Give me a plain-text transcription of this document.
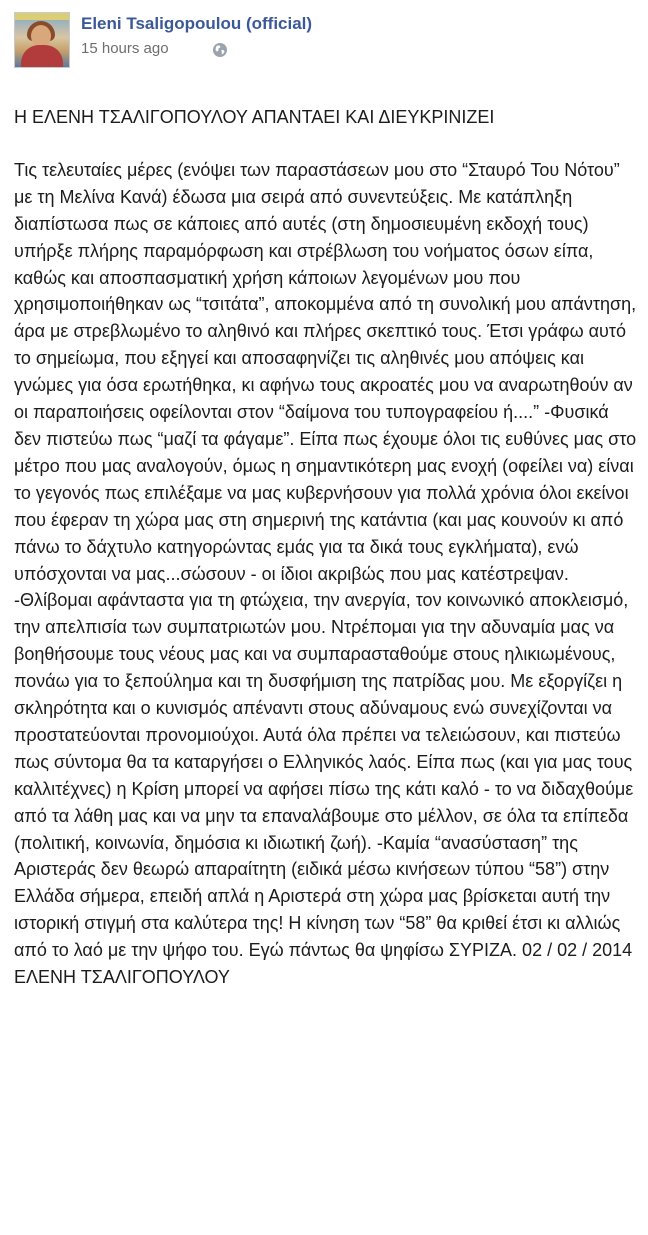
Eleni Tsaligopoulou (official)
15 hours ago

Η ΕΛΕΝΗ ΤΣΑΛΙΓΟΠΟΥΛΟΥ ΑΠΑΝΤΑΕΙ ΚΑΙ ΔΙΕΥΚΡΙΝΙΖΕΙ

Τις τελευταίες μέρες (ενόψει των παραστάσεων μου στο “Σταυρό Του Νότου” με τη Μελίνα Κανά) έδωσα μια σειρά από συνεντεύξεις. Με κατάπληξη διαπίστωσα πως σε κάποιες από αυτές (στη δημοσιευμένη εκδοχή τους) υπήρξε πλήρης παραμόρφωση και στρέβλωση του νοήματος όσων είπα, καθώς και αποσπασματική χρήση κάποιων λεγομένων μου που χρησιμοποιήθηκαν ως “τσιτάτα”, αποκομμένα από τη συνολική μου απάντηση, άρα με στρεβλωμένο το αληθινό και πλήρες σκεπτικό τους. Έτσι γράφω αυτό το σημείωμα, που εξηγεί και αποσαφηνίζει τις αληθινές μου απόψεις και γνώμες για όσα ερωτήθηκα, κι αφήνω τους ακροατές μου να αναρωτηθούν αν οι παραποιήσεις οφείλονται στον “δαίμονα του τυπογραφείου ή....” -Φυσικά δεν πιστεύω πως “μαζί τα φάγαμε”. Είπα πως έχουμε όλοι τις ευθύνες μας στο μέτρο που μας αναλογούν, όμως η σημαντικότερη μας ενοχή (οφείλει να) είναι το γεγονός πως επιλέξαμε να μας κυβερνήσουν για πολλά χρόνια όλοι εκείνοι που έφεραν τη χώρα μας στη σημερινή της κατάντια (και μας κουνούν κι από πάνω το δάχτυλο κατηγορώντας εμάς για τα δικά τους εγκλήματα), ενώ υπόσχονται να μας...σώσουν - οι ίδιοι ακριβώς που μας κατέστρεψαν. -Θλίβομαι αφάνταστα για τη φτώχεια, την ανεργία, τον κοινωνικό αποκλεισμό, την απελπισία των συμπατριωτών μου. Ντρέπομαι για την αδυναμία μας να βοηθήσουμε τους νέους μας και να συμπαρασταθούμε στους ηλικιωμένους, πονάω για το ξεπούλημα και τη δυσφήμιση της πατρίδας μου. Με εξοργίζει η σκληρότητα και ο κυνισμός απέναντι στους αδύναμους ενώ συνεχίζονται να προστατεύονται προνομιούχοι. Αυτά όλα πρέπει να τελειώσουν, και πιστεύω πως σύντομα θα τα καταργήσει ο Ελληνικός λαός. Είπα πως (και για μας τους καλλιτέχνες) η Κρίση μπορεί να αφήσει πίσω της κάτι καλό - το να διδαχθούμε από τα λάθη μας και να μην τα επαναλάβουμε στο μέλλον, σε όλα τα επίπεδα (πολιτική, κοινωνία, δημόσια κι ιδιωτική ζωή). -Καμία “ανασύσταση” της Αριστεράς δεν θεωρώ απαραίτητη (ειδικά μέσω κινήσεων τύπου “58”) στην Ελλάδα σήμερα, επειδή απλά η Αριστερά στη χώρα μας βρίσκεται αυτή την ιστορική στιγμή στα καλύτερα της! Η κίνηση των “58” θα κριθεί έτσι κι αλλιώς από το λαό με την ψήφο του. Εγώ πάντως θα ψηφίσω ΣΥΡΙΖΑ. 02 / 02 / 2014 ΕΛΕΝΗ ΤΣΑΛΙΓΟΠΟΥΛΟΥ
